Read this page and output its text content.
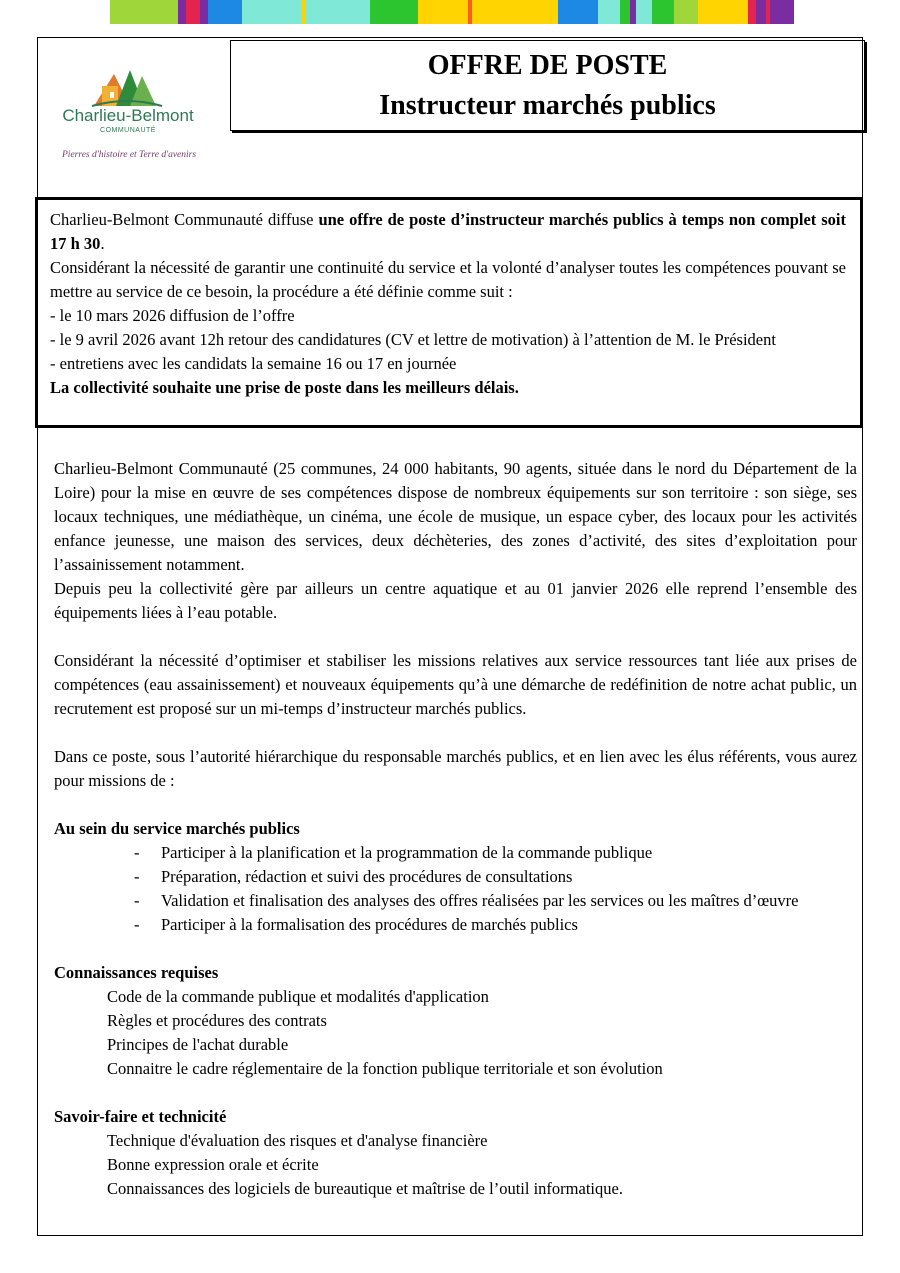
Charlieu-Belmont
COMMUNAUTÉ
Pierres d'histoire et Terre d'avenirs
OFFRE DE POSTE
Instructeur marchés publics

Charlieu-Belmont Communauté diffuse une offre de poste d’instructeur marchés publics à temps non complet soit 17 h 30.

Considérant la nécessité de garantir une continuité du service et la volonté d’analyser toutes les compétences pouvant se mettre au service de ce besoin, la procédure a été définie comme suit :

- le 10 mars 2026 diffusion de l’offre

- le 9 avril 2026 avant 12h retour des candidatures (CV et lettre de motivation) à l’attention de M. le Président

- entretiens avec les candidats la semaine 16 ou 17 en journée

La collectivité souhaite une prise de poste dans les meilleurs délais.

Charlieu-Belmont Communauté (25 communes, 24 000 habitants, 90 agents, située dans le nord du Département de la Loire) pour la mise en œuvre de ses compétences dispose de nombreux équipements sur son territoire : son siège, ses locaux techniques, une médiathèque, un cinéma, une école de musique, un espace cyber, des locaux pour les activités enfance jeunesse, une maison des services, deux déchèteries, des zones d’activité, des sites d’exploitation pour l’assainissement notamment.

Depuis peu la collectivité gère par ailleurs un centre aquatique et au 01 janvier 2026 elle reprend l’ensemble des équipements liées à l’eau potable.

Considérant la nécessité d’optimiser et stabiliser les missions relatives aux service ressources tant liée aux prises de compétences (eau assainissement) et nouveaux équipements qu’à une démarche de redéfinition de notre achat public, un recrutement est proposé sur un mi-temps d’instructeur marchés publics.

Dans ce poste, sous l’autorité hiérarchique du responsable marchés publics, et en lien avec les élus référents, vous aurez pour missions de :

Au sein du service marchés publics
- Participer à la planification et la programmation de la commande publique
- Préparation, rédaction et suivi des procédures de consultations
- Validation et finalisation des analyses des offres réalisées par les services ou les maîtres d’œuvre
- Participer à la formalisation des procédures de marchés publics
Connaissances requises
Code de la commande publique et modalités d'application
Règles et procédures des contrats
Principes de l'achat durable
Connaitre le cadre réglementaire de la fonction publique territoriale et son évolution
Savoir-faire et technicité
Technique d'évaluation des risques et d'analyse financière
Bonne expression orale et écrite
Connaissances des logiciels de bureautique et maîtrise de l’outil informatique.
